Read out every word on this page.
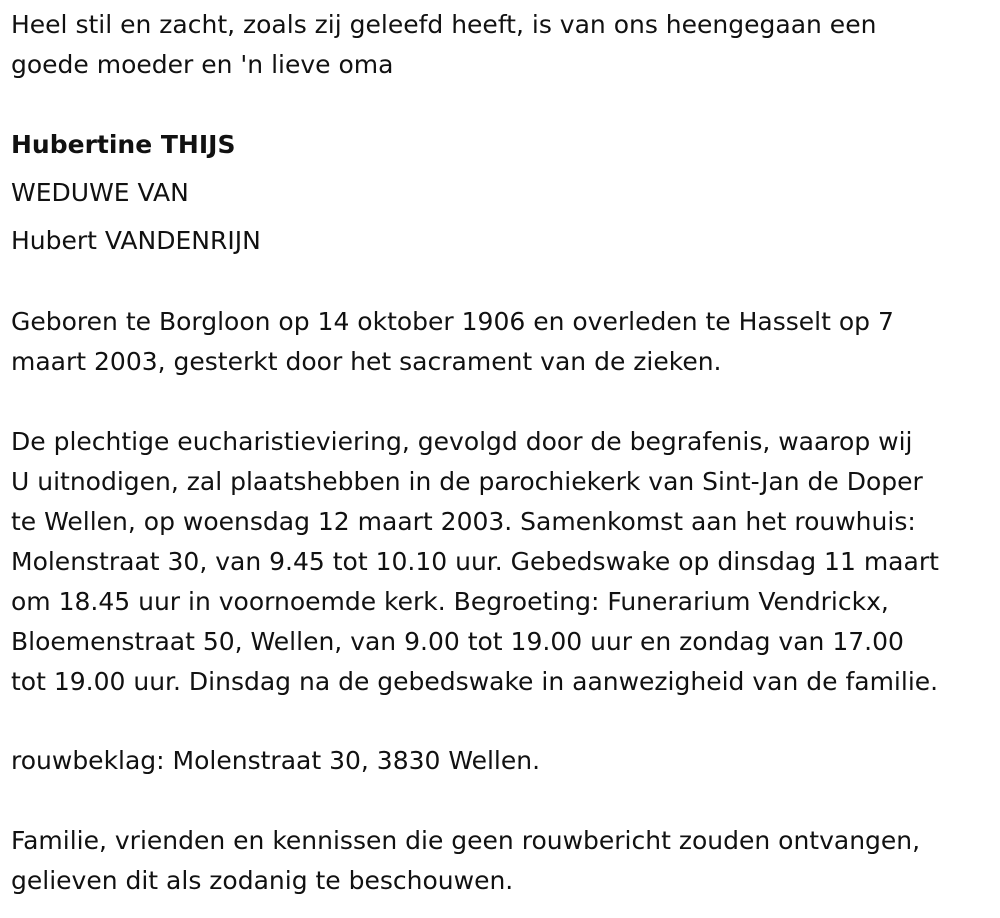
Heel stil en zacht, zoals zij geleefd heeft, is van ons heengegaan een
goede moeder en 'n lieve oma
Hubertine THIJS
WEDUWE VAN
Hubert VANDENRIJN
Geboren te Borgloon op 14 oktober 1906 en overleden te Hasselt op 7
maart 2003, gesterkt door het sacrament van de zieken.
De plechtige eucharistieviering, gevolgd door de begrafenis, waarop wij
U uitnodigen, zal plaatshebben in de parochiekerk van Sint-Jan de Doper
te Wellen, op woensdag 12 maart 2003. Samenkomst aan het rouwhuis:
Molenstraat 30, van 9.45 tot 10.10 uur. Gebedswake op dinsdag 11 maart
om 18.45 uur in voornoemde kerk. Begroeting: Funerarium Vendrickx,
Bloemenstraat 50, Wellen, van 9.00 tot 19.00 uur en zondag van 17.00
tot 19.00 uur. Dinsdag na de gebedswake in aanwezigheid van de familie.
rouwbeklag: Molenstraat 30, 3830 Wellen.
Familie, vrienden en kennissen die geen rouwbericht zouden ontvangen,
gelieven dit als zodanig te beschouwen.
